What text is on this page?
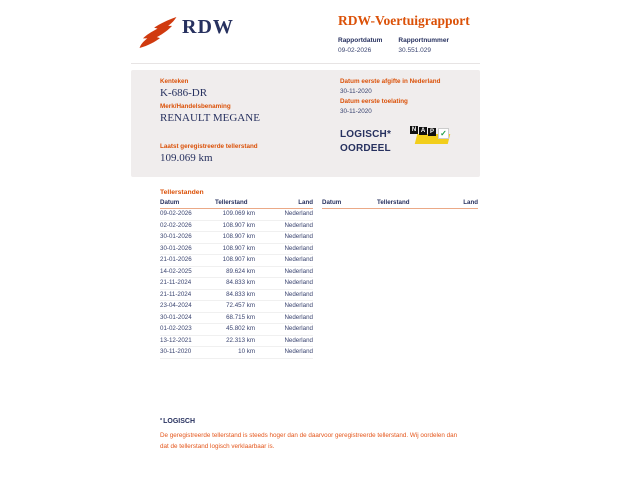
RDW	RDW-Voertuigrapport
Rapportdatum
09-02-2026
Rapportnummer
30.551.029
Kenteken
K-686-DR
Merk/Handelsbenaming
RENAULT MEGANE
Laatst geregistreerde tellerstand
109.069 km
Datum eerste afgifte in Nederland
30-11-2020
Datum eerste toelating
30-11-2020
LOGISCH*
OORDEEL
N A P ✓
Tellerstanden
Datum	Tellerstand	Land
09-02-2026	109.069 km	Nederland
02-02-2026	108.907 km	Nederland
30-01-2026	108.907 km	Nederland
30-01-2026	108.907 km	Nederland
21-01-2026	108.907 km	Nederland
14-02-2025	89.624 km	Nederland
21-11-2024	84.833 km	Nederland
21-11-2024	84.833 km	Nederland
23-04-2024	72.457 km	Nederland
30-01-2024	68.715 km	Nederland
01-02-2023	45.802 km	Nederland
13-12-2021	22.313 km	Nederland
30-11-2020	10 km	Nederland
Datum	Tellerstand	Land
*LOGISCH
De geregistreerde tellerstand is steeds hoger dan de daarvoor geregistreerde tellerstand. Wij oordelen dan dat de tellerstand logisch verklaarbaar is.
